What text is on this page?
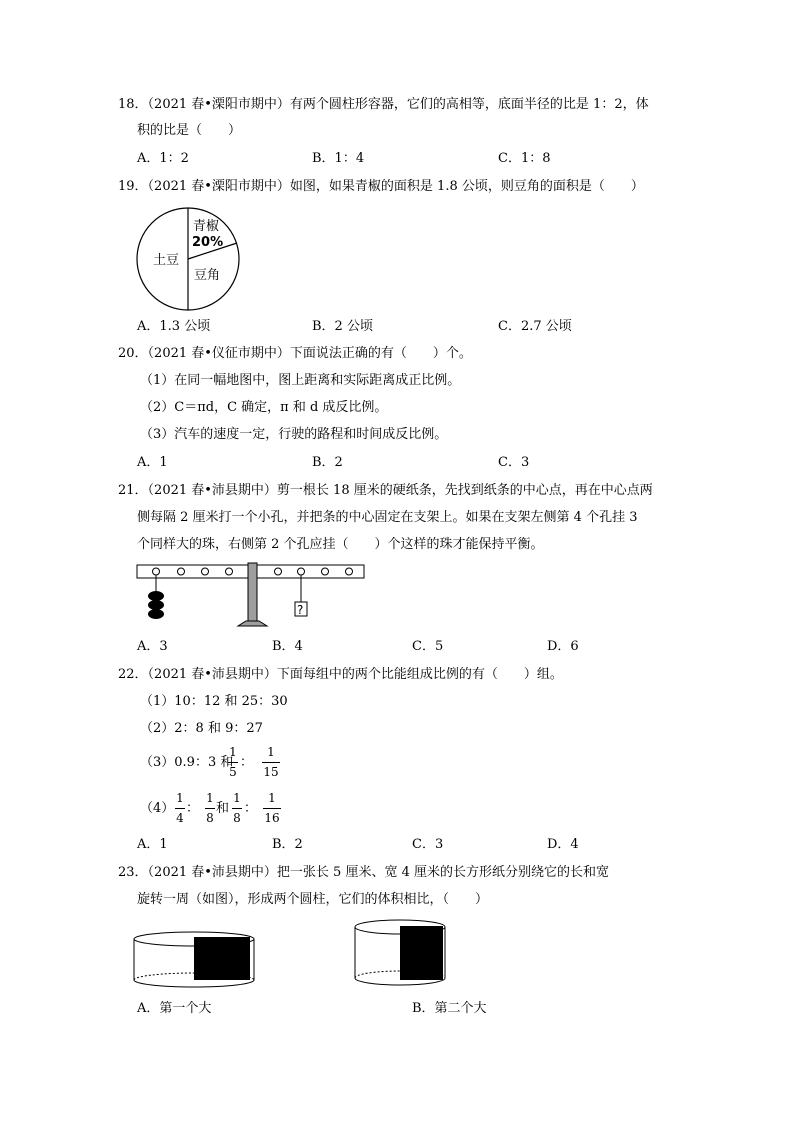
18．（2021 春•溧阳市期中）有两个圆柱形容器，它们的高相等，底面半径的比是 1：2，体
积的比是（　　）
A．1：2	B．1：4	C．1：8
19．（2021 春•溧阳市期中）如图，如果青椒的面积是 1.8 公顷，则豆角的面积是（　　）
土豆
青椒
20%
豆角
A．1.3 公顷	B．2 公顷	C．2.7 公顷
20．（2021 春•仪征市期中）下面说法正确的有（　　）个。
（1）在同一幅地图中，图上距离和实际距离成正比例。
（2）C＝πd，C 确定，π 和 d 成反比例。
（3）汽车的速度一定，行驶的路程和时间成反比例。
A．1	B．2	C．3
21．（2021 春•沛县期中）剪一根长 18 厘米的硬纸条，先找到纸条的中心点，再在中心点两
侧每隔 2 厘米打一个小孔，并把条的中心固定在支架上。如果在支架左侧第 4 个孔挂 3
个同样大的珠，右侧第 2 个孔应挂（　　）个这样的珠才能保持平衡。
?
A．3	B．4	C．5	D．6
22．（2021 春•沛县期中）下面每组中的两个比能组成比例的有（　　）组。
（1）10：12 和 25：30
（2）2：8 和 9：27
（3）0.9：3 和
1
5
：
1
15
（4）
1
4
：
1
8
和
1
8
：
1
16
A．1	B．2	C．3	D．4
23．（2021 春•沛县期中）把一张长 5 厘米、宽 4 厘米的长方形纸分别绕它的长和宽
旋转一周（如图），形成两个圆柱，它们的体积相比，（　　）
A．第一个大	B．第二个大
